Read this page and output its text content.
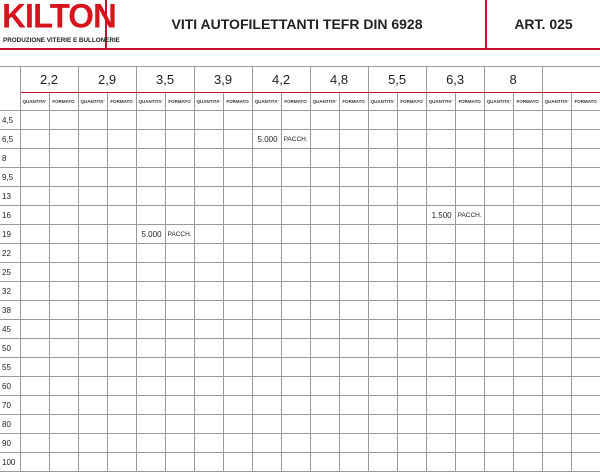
KILTON
PRODUZIONE VITERIE E BULLONERIE
VITI AUTOFILETTANTI TEFR DIN 6928	ART. 025
	2,2		2,9		3,5		3,9		4,2		4,8		5,5		6,3		8			
	QUANTITA'	FORMATO	QUANTITA'	FORMATO	QUANTITA'	FORMATO	QUANTITA'	FORMATO	QUANTITA'	FORMATO	QUANTITA'	FORMATO	QUANTITA'	FORMATO	QUANTITA'	FORMATO	QUANTITA'	FORMATO	QUANTITA'	FORMATO
4,5																				
6,5									5.000	PACCH.										
8																				
9,5																				
13																				
16															1.500	PACCH.				
19					5.000	PACCH.														
22																				
25																				
32																				
38																				
45																				
50																				
55																				
60																				
70																				
80																				
90																				
100																				
